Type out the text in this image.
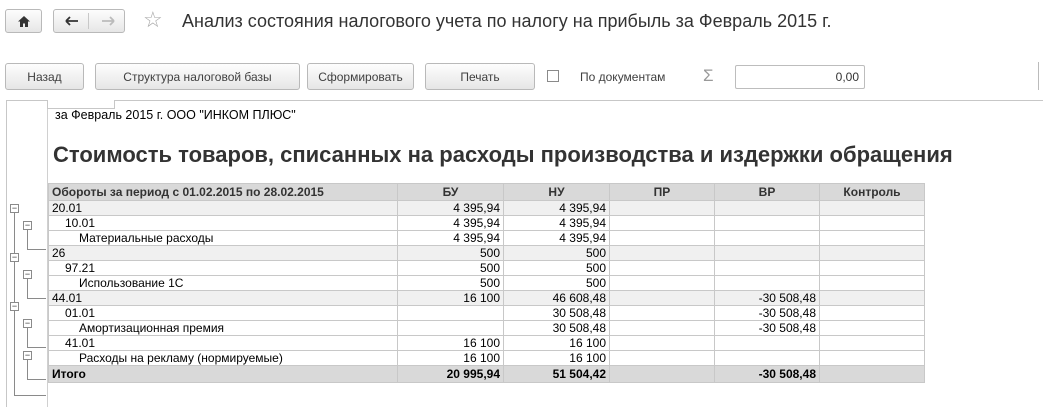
☆ Анализ состояния налогового учета по налогу на прибыль за Февраль 2015 г.
Назад	Структура налоговой базы	Сформировать	Печать	По документам Σ	0,00
за Февраль 2015 г. ООО "ИНКОМ ПЛЮС"
Стоимость товаров, списанных на расходы производства и издержки обращения
Обороты за период с 01.02.2015 по 28.02.2015	БУ	НУ	ПР	ВР	Контроль
20.01	4 395,94	4 395,94			
10.01	4 395,94	4 395,94			
Материальные расходы	4 395,94	4 395,94			
26	500	500			
97.21	500	500			
Использование 1С	500	500			
44.01	16 100	46 608,48		-30 508,48	
01.01		30 508,48		-30 508,48	
Амортизационная премия		30 508,48		-30 508,48	
41.01	16 100	16 100			
Расходы на рекламу (нормируемые)	16 100	16 100			
Итого	20 995,94	51 504,42		-30 508,48	
−
−
−
−
−
−
−
